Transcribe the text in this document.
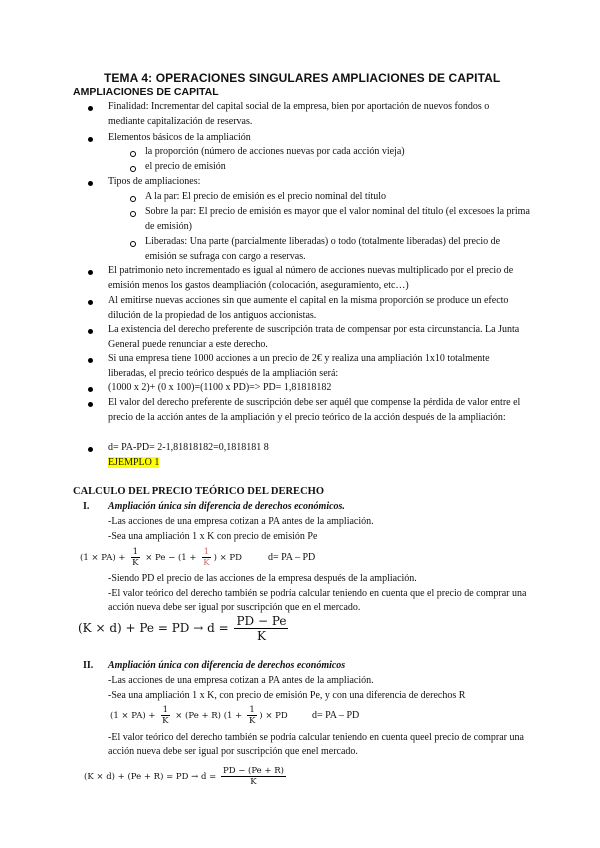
TEMA 4: OPERACIONES SINGULARES AMPLIACIONES DE CAPITAL
AMPLIACIONES DE CAPITAL
Finalidad: Incrementar del capital social de la empresa, bien por aportación de nuevos fondos o mediante capitalización de reservas.
Elementos básicos de la ampliación
la proporción (número de acciones nuevas por cada acción vieja)
el precio de emisión
Tipos de ampliaciones:
A la par: El precio de emisión es el precio nominal del título
Sobre la par: El precio de emisión es mayor que el valor nominal del título (el excesoes la prima de emisión)
Liberadas: Una parte (parcialmente liberadas) o todo (totalmente liberadas) del precio de emisión se sufraga con cargo a reservas.
El patrimonio neto incrementado es igual al número de acciones nuevas multiplicado por el precio de emisión menos los gastos deampliación (colocación, aseguramiento, etc…)
Al emitirse nuevas acciones sin que aumente el capital en la misma proporción se produce un efecto dilución de la propiedad de los antiguos accionistas.
La existencia del derecho preferente de suscripción trata de compensar por esta circunstancia. La Junta General puede renunciar a este derecho.
Si una empresa tiene 1000 acciones a un precio de 2€ y realiza una ampliación 1x10 totalmente liberadas, el precio teórico después de la ampliación será:
(1000 x 2)+ (0 x 100)=(1100 x PD)=> PD= 1,81818182
El valor del derecho preferente de suscripción debe ser aquél que compense la pérdida de valor entre el precio de la acción antes de la ampliación y el precio teórico de la acción después de la ampliación:
d= PA-PD= 2-1,81818182=0,1818181 8
EJEMPLO 1
CALCULO DEL PRECIO TEÓRICO DEL DERECHO
I. Ampliación única sin diferencia de derechos económicos.
-Las acciones de una empresa cotizan a PA antes de la ampliación.
-Sea una ampliación 1 x K con precio de emisión Pe
$(1 \times PA) + \frac{1}{K} \times Pe - (1 + \frac{1}{K}$ ) × PD	d= PA – PD
-Siendo PD el precio de las acciones de la empresa después de la ampliación.
-El valor teórico del derecho también se podría calcular teniendo en cuenta que el precio de comprar una acción nueva debe ser igual por suscripción que en el mercado.
(K × d) + Pe = PD → $d = \frac{PD - Pe}{K}$
II. Ampliación única con diferencia de derechos económicos
-Las acciones de una empresa cotizan a PA antes de la ampliación.
-Sea una ampliación 1 x K, con precio de emisión Pe, y con una diferencia de derechos R
$(1 \times PA) + \frac{1}{K} \times (Pe + R) (1 + \frac{1}{K}$ ) × PD d= PA – PD
-El valor teórico del derecho también se podría calcular teniendo en cuenta queel precio de comprar una acción nueva debe ser igual por suscripción que enel mercado.
(K × d) + (Pe + R) = PD → $d = \frac{PD - (Pe + R)}{K}$
